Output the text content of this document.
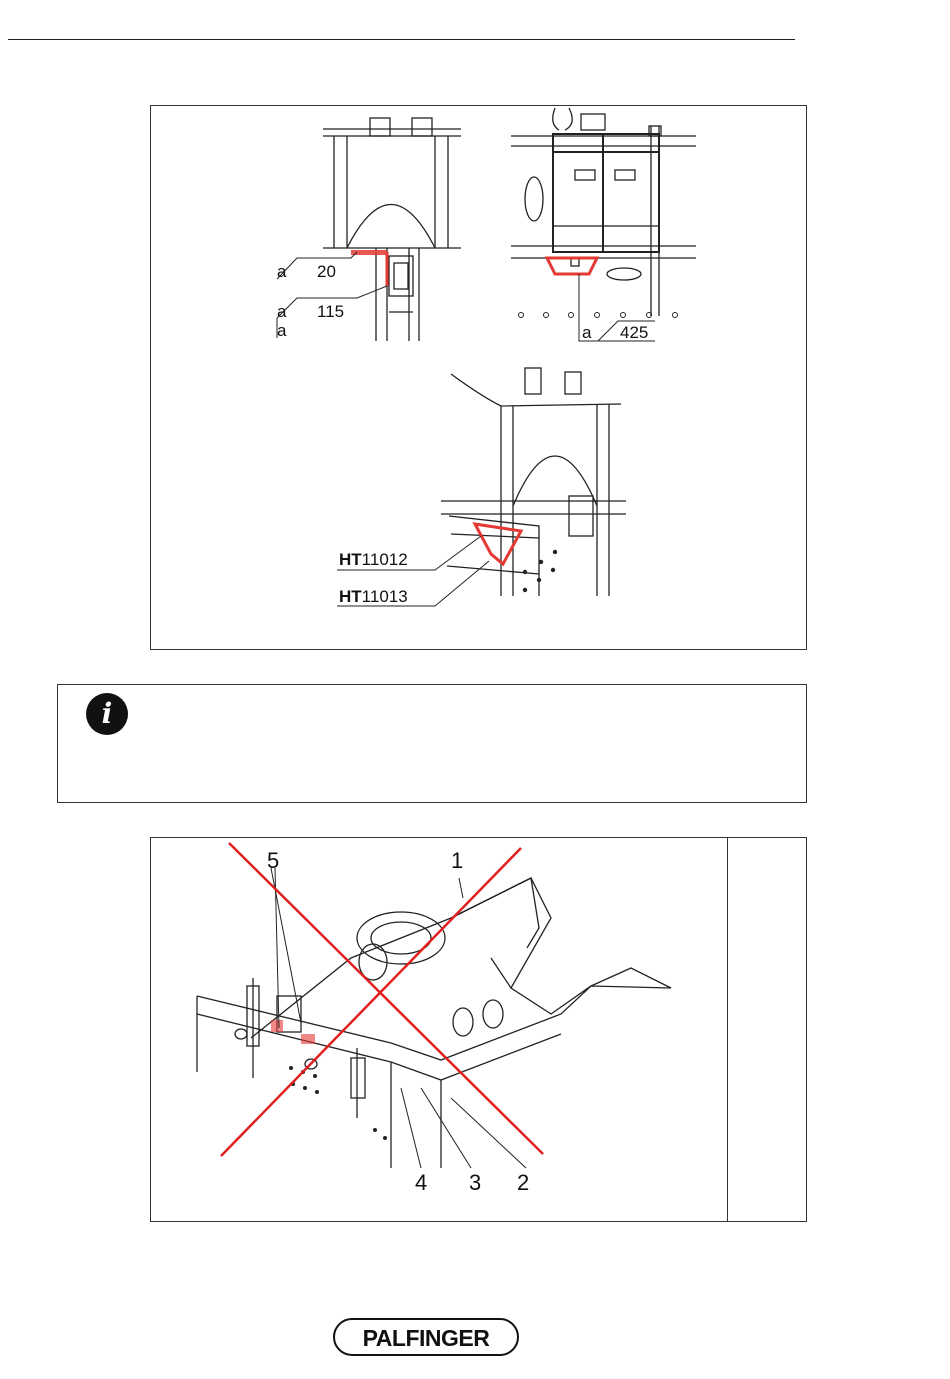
a 20
a
a
115
a 425
HT11012
HT11013
i
5	1
4 3 2
PALFINGER
